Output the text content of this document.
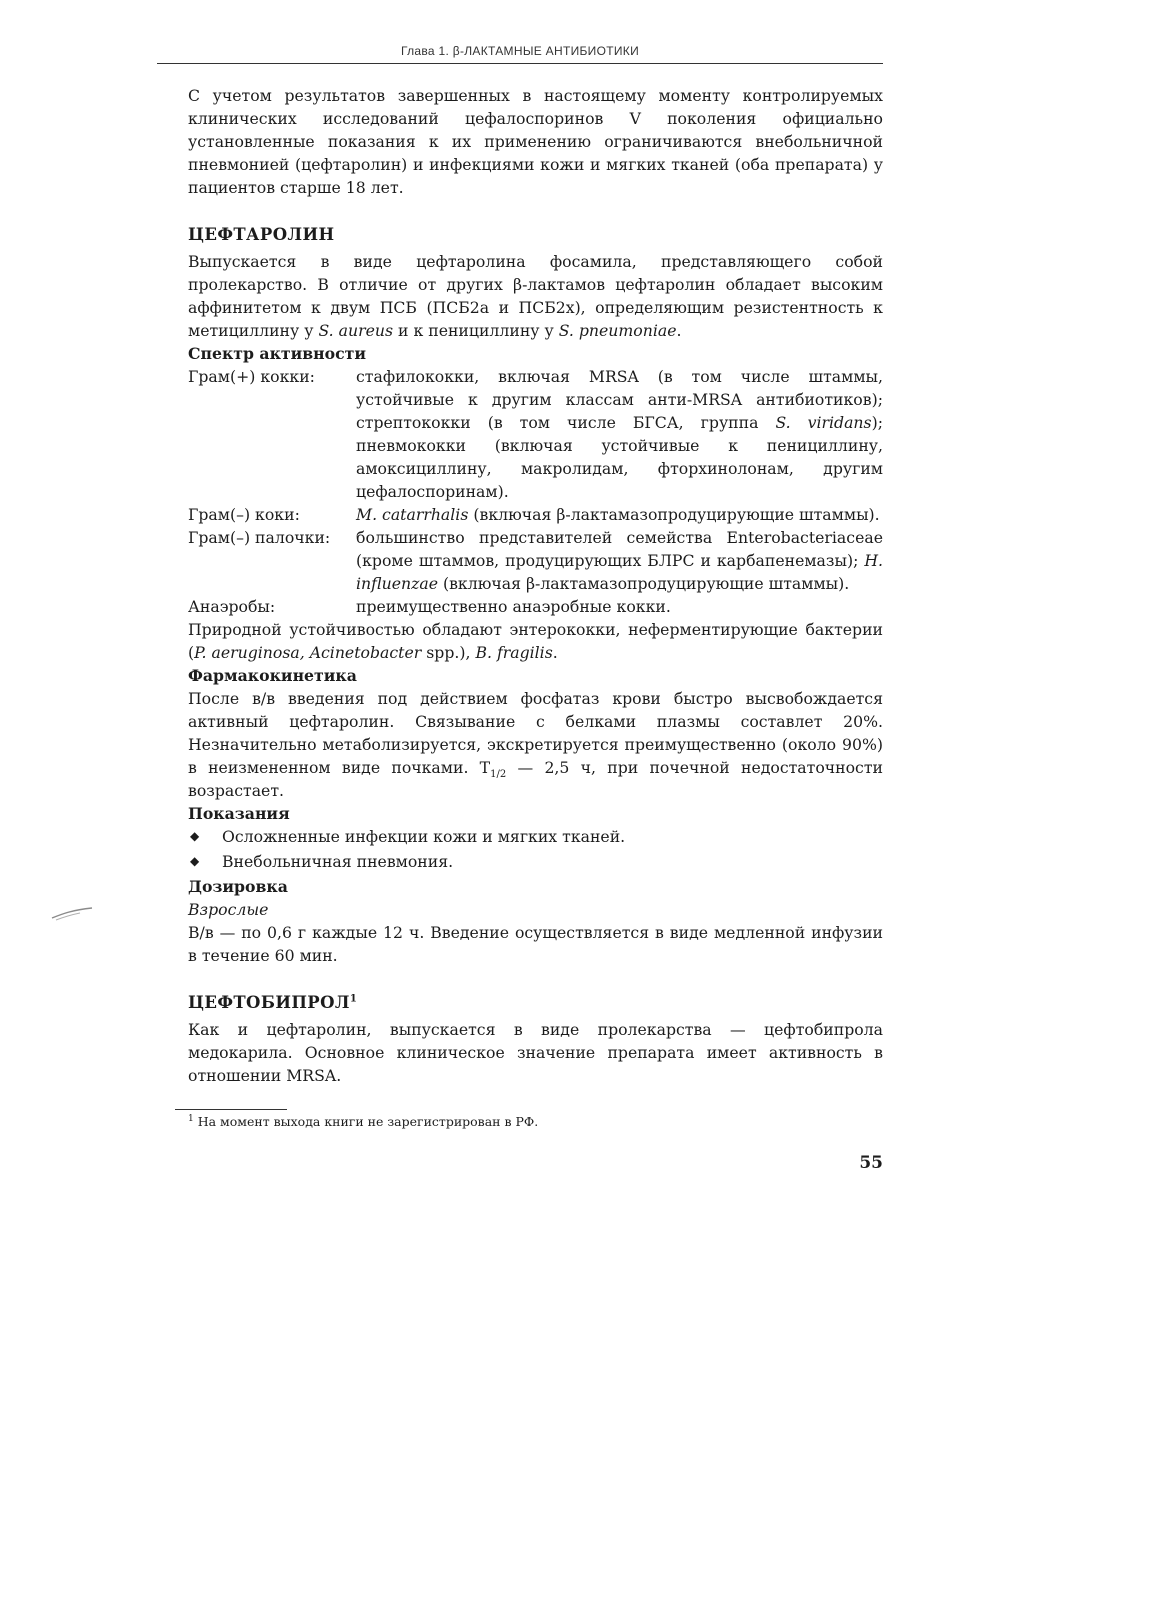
Глава 1. β-ЛАКТАМНЫЕ АНТИБИОТИКИ

С учетом результатов завершенных в настоящему моменту контролируемых клинических исследований цефалоспоринов V поколения официально установленные показания к их применению ограничиваются внебольничной пневмонией (цефтаролин) и инфекциями кожи и мягких тканей (оба препарата) у пациентов старше 18 лет.

ЦЕФТАРОЛИН

Выпускается в виде цефтаролина фосамила, представляющего собой пролекарство. В отличие от других β-лактамов цефтаролин обладает высоким аффинитетом к двум ПСБ (ПСБ2а и ПСБ2х), определяющим резистентность к метициллину у S. aureus и к пенициллину у S. pneumoniae.

Спектр активности
Грам(+) кокки:	стафилококки, включая MRSA (в том числе штаммы, устойчивые к другим классам анти-MRSA антибиотиков); стрептококки (в том числе БГСА, группа S. viridans); пневмококки (включая устойчивые к пенициллину, амоксициллину, макролидам, фторхинолонам, другим цефалоспоринам).
Грам(–) коки:	M. catarrhalis (включая β-лактамазопродуцирующие штаммы).
Грам(–) палочки:	большинство представителей семейства Enterobacteriaceae (кроме штаммов, продуцирующих БЛРС и карбапенемазы); H. influenzae (включая β-лактамазопродуцирующие штаммы).
Анаэробы:	преимущественно анаэробные кокки.

Природной устойчивостью обладают энтерококки, неферментирующие бактерии (P. aeruginosa, Acinetobacter spp.), B. fragilis.

Фармакокинетика

После в/в введения под действием фосфатаз крови быстро высвобождается активный цефтаролин. Связывание с белками плазмы составлет 20%. Незначительно метаболизируется, экскретируется преимущественно (около 90%) в неизмененном виде почками. $Т_{1/2}$ — 2,5 ч, при почечной недостаточности возрастает.

Показания
◆ Осложненные инфекции кожи и мягких тканей.
◆ Внебольничная пневмония.
Дозировка

Взрослые

В/в — по 0,6 г каждые 12 ч. Введение осуществляется в виде медленной инфузии в течение 60 мин.

ЦЕФТОБИПРОЛ$^1$

Как и цефтаролин, выпускается в виде пролекарства — цефтобипрола медокарила. Основное клиническое значение препарата имеет активность в отношении MRSA.

$^1$ На момент выхода книги не зарегистрирован в РФ.
55
